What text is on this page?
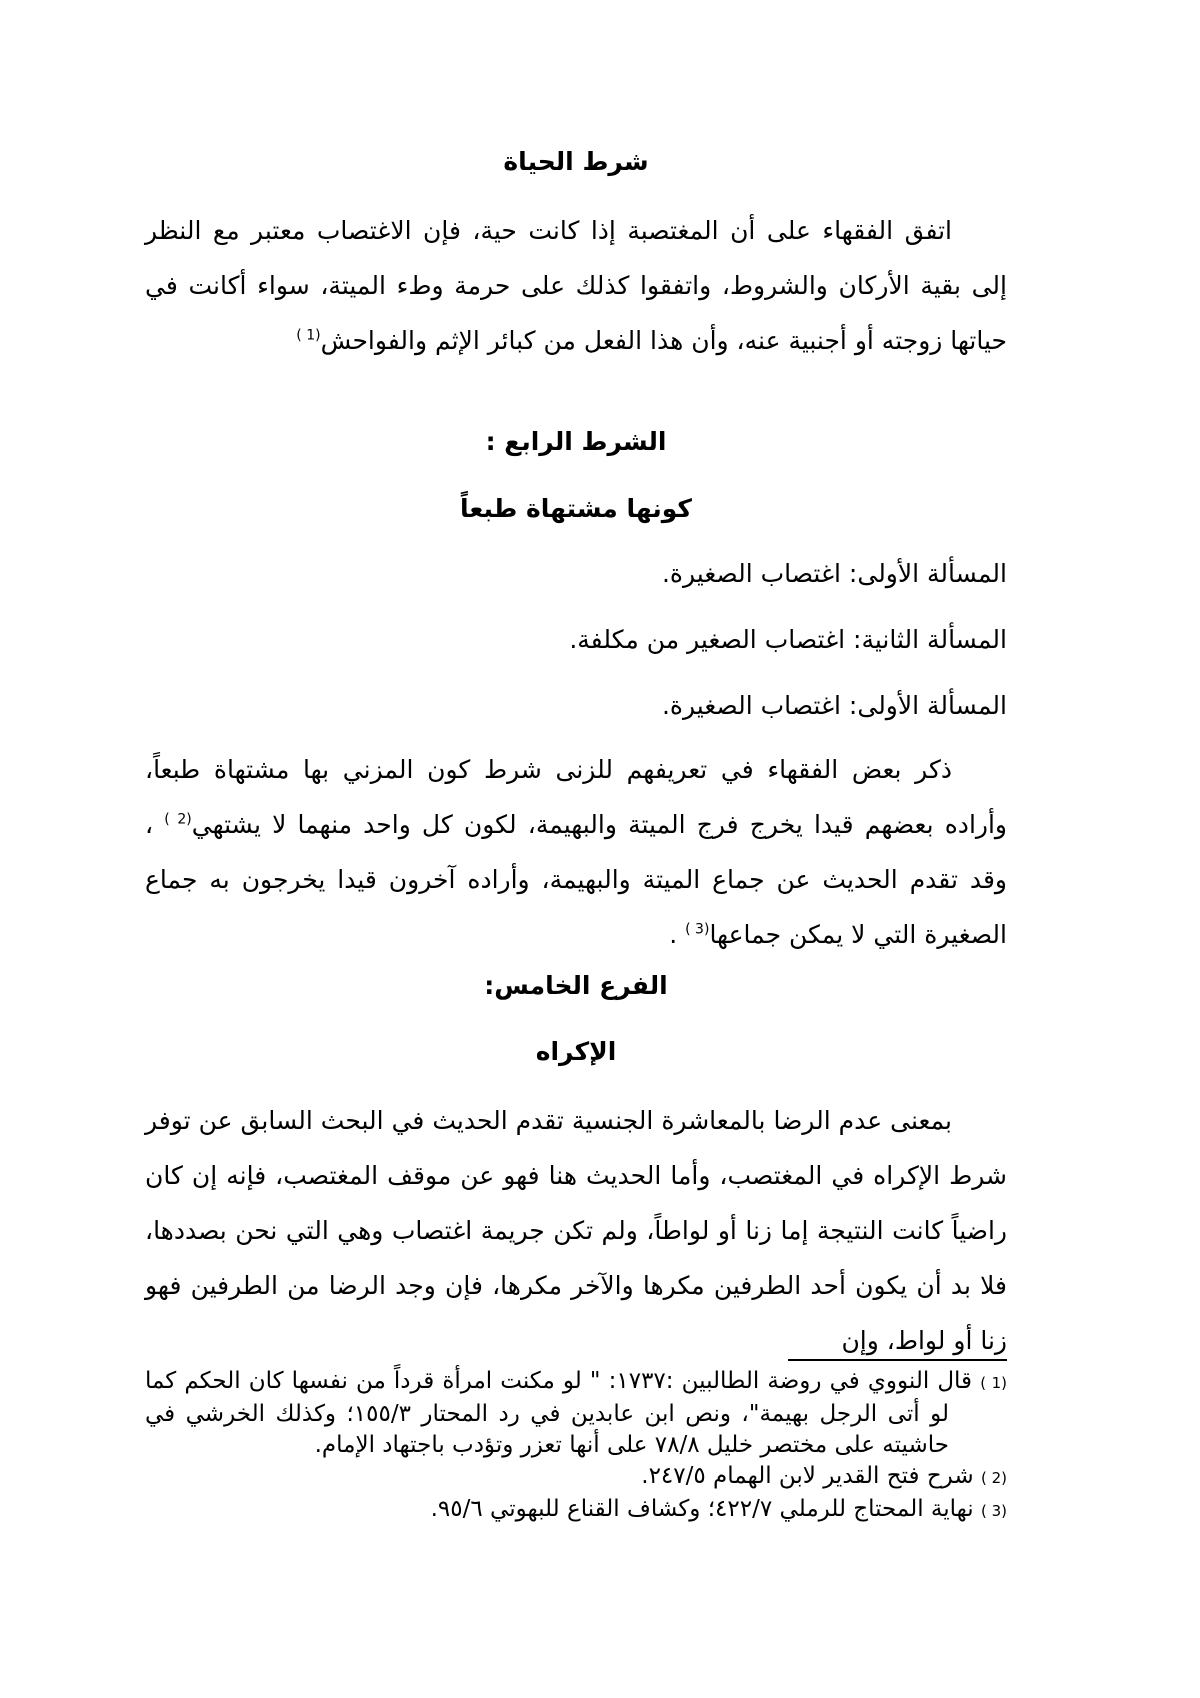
شرط الحياة

اتفق الفقهاء على أن المغتصبة إذا كانت حية، فإن الاغتصاب معتبر مع النظر إلى بقية الأركان والشروط، واتفقوا كذلك على حرمة وطء الميتة، سواء أكانت في حياتها زوجته أو أجنبية عنه، وأن هذا الفعل من كبائر الإثم والفواحش$^{(1 )}$

الشرط الرابع :
كونها مشتهاة طبعاً

المسألة الأولى: اغتصاب الصغيرة.

المسألة الثانية: اغتصاب الصغير من مكلفة.

المسألة الأولى: اغتصاب الصغيرة.

ذكر بعض الفقهاء في تعريفهم للزنى شرط كون المزني بها مشتهاة طبعاً، وأراده بعضهم قيدا يخرج فرج الميتة والبهيمة، لكون كل واحد منهما لا يشتهي$^{(2 )}$ ، وقد تقدم الحديث عن جماع الميتة والبهيمة، وأراده آخرون قيدا يخرجون به جماع الصغيرة التي لا يمكن جماعها$^{(3 )}$ .

الفرع الخامس:
الإكراه

بمعنى عدم الرضا بالمعاشرة الجنسية تقدم الحديث في البحث السابق عن توفر شرط الإكراه في المغتصب، وأما الحديث هنا فهو عن موقف المغتصب، فإنه إن كان راضياً كانت النتيجة إما زنا أو لواطاً، ولم تكن جريمة اغتصاب وهي التي نحن بصددها، فلا بد أن يكون أحد الطرفين مكرها والآخر مكرها، فإن وجد الرضا من الطرفين فهو زنا أو لواط، وإن

(1 ) قال النووي في روضة الطالبين :١٧٣٧: " لو مكنت امرأة قرداً من نفسها كان الحكم كما لو أتى الرجل بهيمة"، ونص ابن عابدين في رد المحتار ١٥٥/٣؛ وكذلك الخرشي في حاشيته على مختصر خليل ٧٨/٨ على أنها تعزر وتؤدب باجتهاد الإمام.

(2 ) شرح فتح القدير لابن الهمام ٢٤٧/٥.

(3 ) نهاية المحتاج للرملي ٤٢٢/٧؛ وكشاف القناع للبهوتي ٩٥/٦.
